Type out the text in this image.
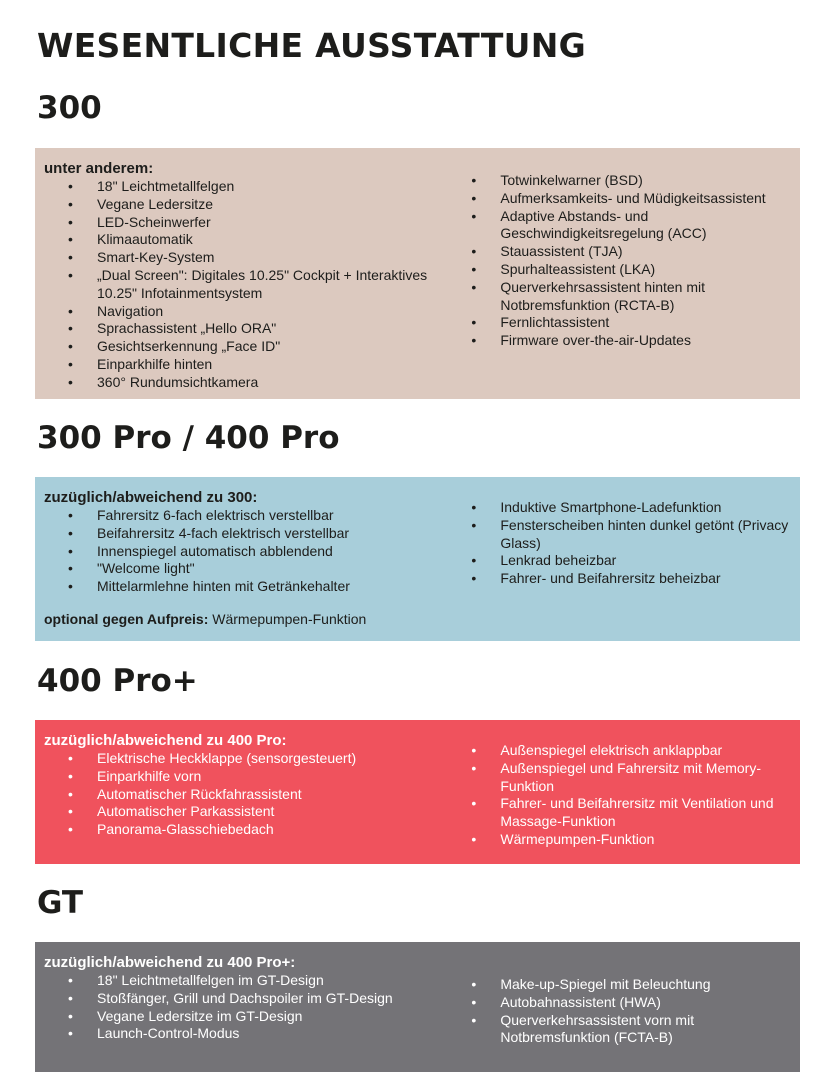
WESENTLICHE AUSSTATTUNG
300
unter anderem:
• 18" Leichtmetallfelgen
• Vegane Ledersitze
• LED-Scheinwerfer
• Klimaautomatik
• Smart-Key-System
• „Dual Screen": Digitales 10.25" Cockpit + Interaktives 10.25" Infotainmentsystem
• Navigation
• Sprachassistent „Hello ORA"
• Gesichtserkennung „Face ID"
• Einparkhilfe hinten
• 360° Rundumsichtkamera
• Totwinkelwarner (BSD)
• Aufmerksamkeits- und Müdigkeitsassistent
• Adaptive Abstands- und Geschwindigkeitsregelung (ACC)
• Stauassistent (TJA)
• Spurhalteassistent (LKA)
• Querverkehrsassistent hinten mit Notbremsfunktion (RCTA-B)
• Fernlichtassistent
• Firmware over-the-air-Updates
300 Pro / 400 Pro
zuzüglich/abweichend zu 300:
• Fahrersitz 6-fach elektrisch verstellbar
• Beifahrersitz 4-fach elektrisch verstellbar
• Innenspiegel automatisch abblendend
• "Welcome light"
• Mittelarmlehne hinten mit Getränkehalter
• Induktive Smartphone-Ladefunktion
• Fensterscheiben hinten dunkel getönt (Privacy Glass)
• Lenkrad beheizbar
• Fahrer- und Beifahrersitz beheizbar
optional gegen Aufpreis: Wärmepumpen-Funktion
400 Pro+
zuzüglich/abweichend zu 400 Pro:
• Elektrische Heckklappe (sensorgesteuert)
• Einparkhilfe vorn
• Automatischer Rückfahrassistent
• Automatischer Parkassistent
• Panorama-Glasschiebedach
• Außenspiegel elektrisch anklappbar
• Außenspiegel und Fahrersitz mit Memory-Funktion
• Fahrer- und Beifahrersitz mit Ventilation und Massage-Funktion
• Wärmepumpen-Funktion
GT
zuzüglich/abweichend zu 400 Pro+:
• 18" Leichtmetallfelgen im GT-Design
• Stoßfänger, Grill und Dachspoiler im GT-Design
• Vegane Ledersitze im GT-Design
• Launch-Control-Modus
• Make-up-Spiegel mit Beleuchtung
• Autobahnassistent (HWA)
• Querverkehrsassistent vorn mit Notbremsfunktion (FCTA-B)
